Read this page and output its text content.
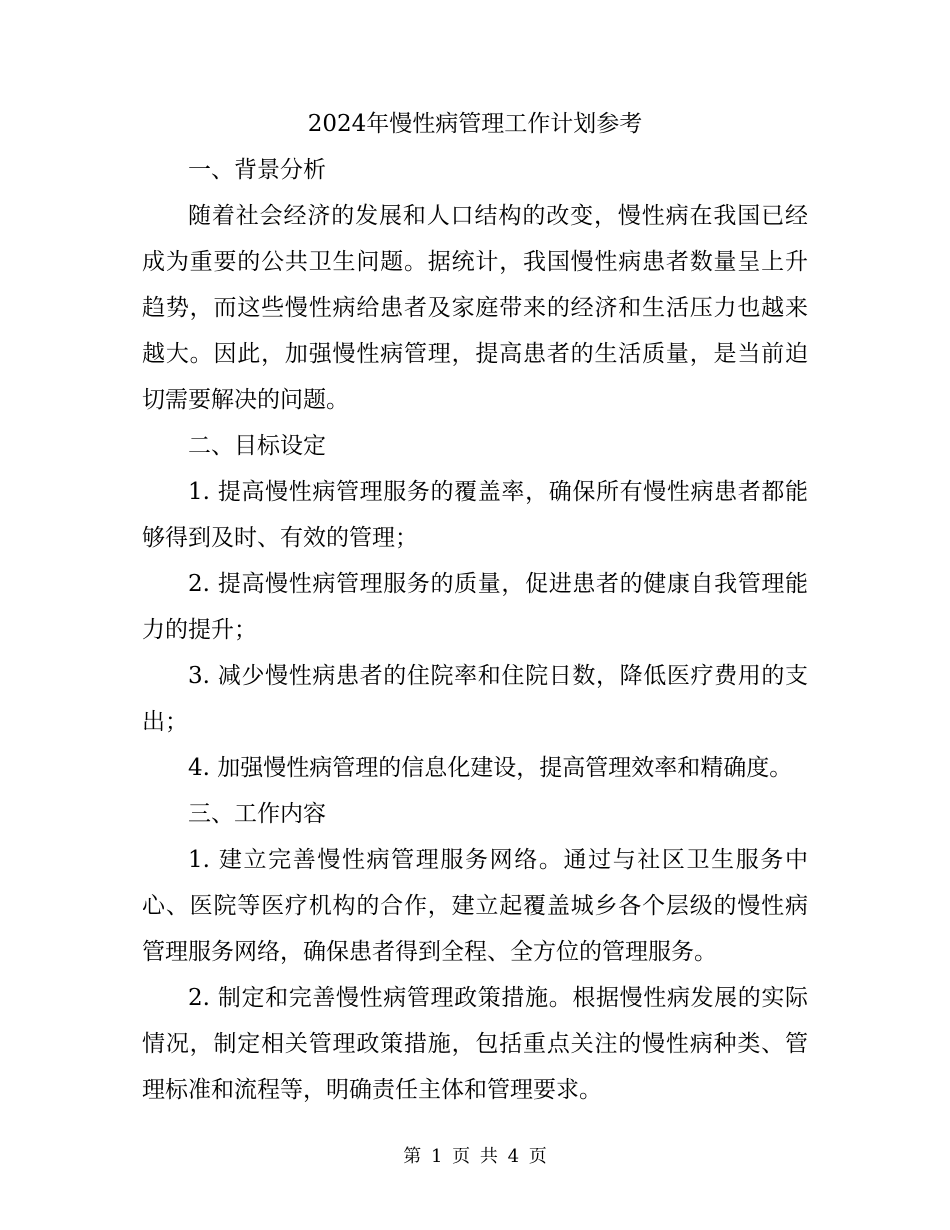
2024年慢性病管理工作计划参考
一、背景分析

随着社会经济的发展和人口结构的改变，慢性病在我国已经成为重要的公共卫生问题。据统计，我国慢性病患者数量呈上升趋势，而这些慢性病给患者及家庭带来的经济和生活压力也越来越大。因此，加强慢性病管理，提高患者的生活质量，是当前迫切需要解决的问题。

二、目标设定

1. 提高慢性病管理服务的覆盖率，确保所有慢性病患者都能够得到及时、有效的管理；

2. 提高慢性病管理服务的质量，促进患者的健康自我管理能力的提升；

3. 减少慢性病患者的住院率和住院日数，降低医疗费用的支出；

4. 加强慢性病管理的信息化建设，提高管理效率和精确度。

三、工作内容

1. 建立完善慢性病管理服务网络。通过与社区卫生服务中心、医院等医疗机构的合作，建立起覆盖城乡各个层级的慢性病管理服务网络，确保患者得到全程、全方位的管理服务。

2. 制定和完善慢性病管理政策措施。根据慢性病发展的实际情况，制定相关管理政策措施，包括重点关注的慢性病种类、管理标准和流程等，明确责任主体和管理要求。

第 1 页 共 4 页
